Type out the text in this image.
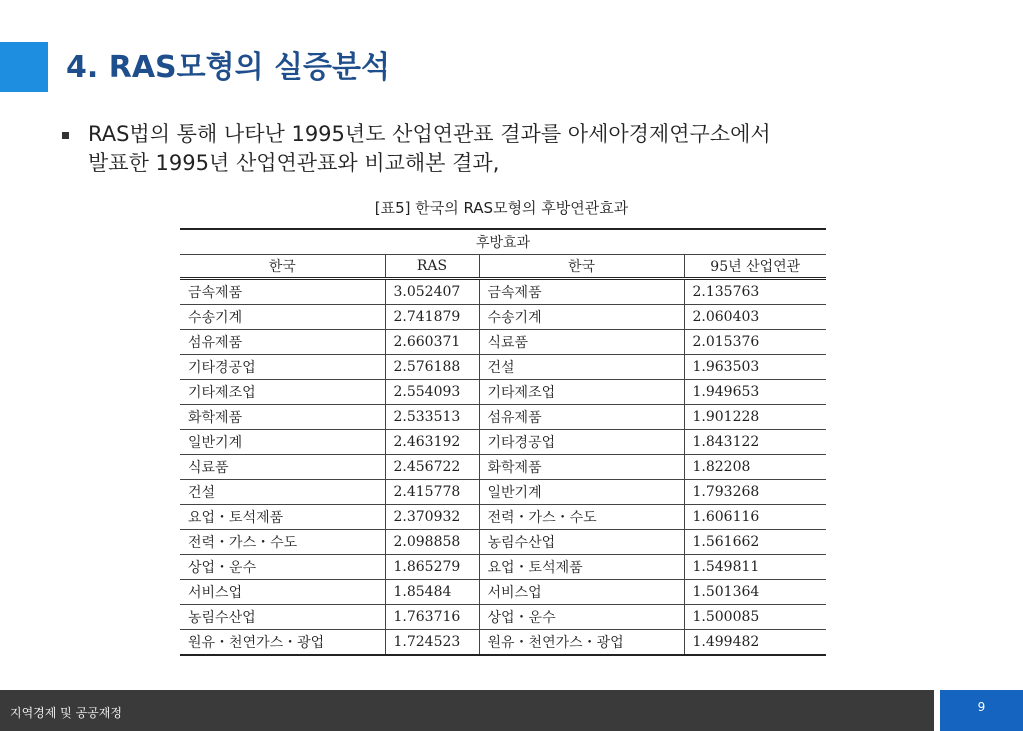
4. RAS모형의 실증분석

RAS법의 통해 나타난 1995년도 산업연관표 결과를 아세아경제연구소에서
발표한 1995년 산업연관표와 비교해본 결과,

[표5] 한국의 RAS모형의 후방연관효과
후방효과			
한국	RAS	한국	95년 산업연관
금속제품	3.052407	금속제품	2.135763
수송기계	2.741879	수송기계	2.060403
섬유제품	2.660371	식료품	2.015376
기타경공업	2.576188	건설	1.963503
기타제조업	2.554093	기타제조업	1.949653
화학제품	2.533513	섬유제품	1.901228
일반기계	2.463192	기타경공업	1.843122
식료품	2.456722	화학제품	1.82208
건설	2.415778	일반기계	1.793268
요업・토석제품	2.370932	전력・가스・수도	1.606116
전력・가스・수도	2.098858	농림수산업	1.561662
상업・운수	1.865279	요업・토석제품	1.549811
서비스업	1.85484	서비스업	1.501364
농림수산업	1.763716	상업・운수	1.500085
원유・천연가스・광업	1.724523	원유・천연가스・광업	1.499482
지역경제 및 공공재정	9
